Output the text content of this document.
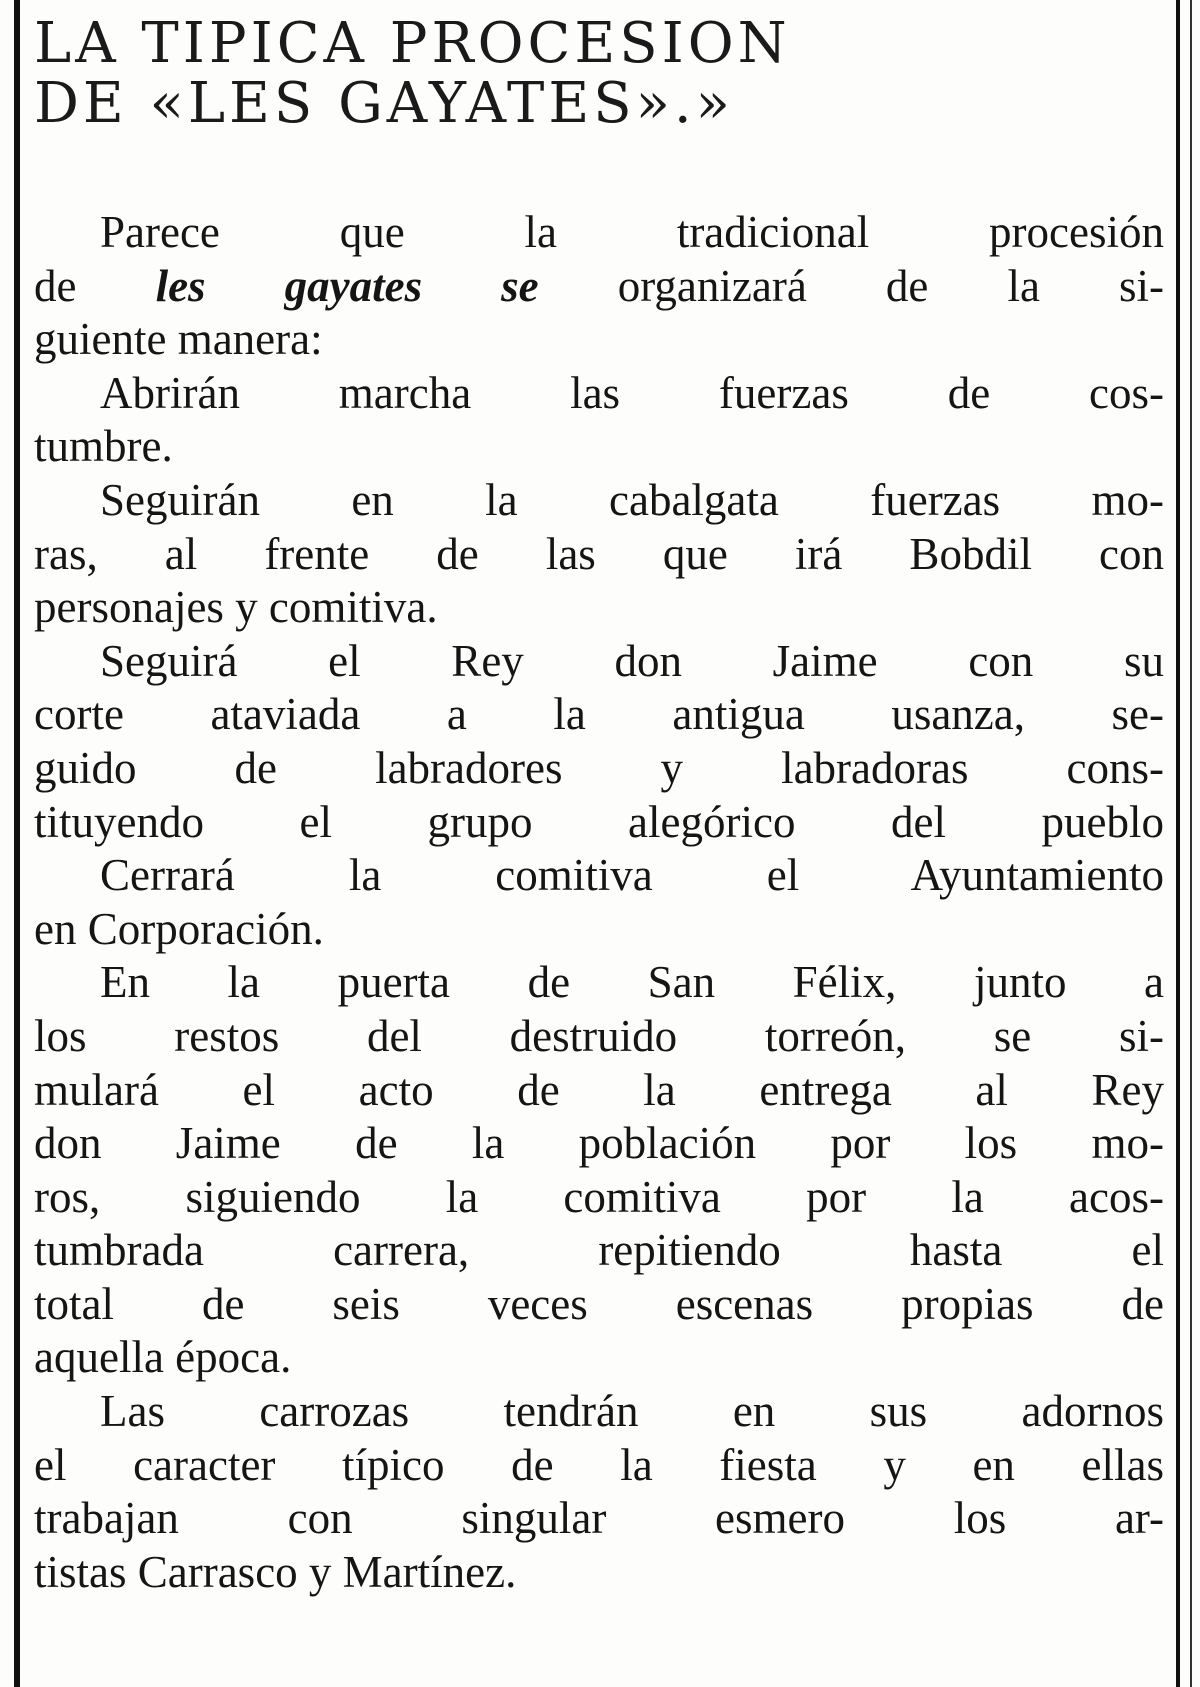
LA TIPICA PROCESION
DE «LES GAYATES».»
Parece que la tradicional procesión
de les gayates se organizará de la si-
guiente manera:
Abrirán marcha las fuerzas de cos-
tumbre.
Seguirán en la cabalgata fuerzas mo-
ras, al frente de las que irá Bobdil con
personajes y comitiva.
Seguirá el Rey don Jaime con su
corte ataviada a la antigua usanza, se-
guido de labradores y labradoras cons-
tituyendo el grupo alegórico del pueblo
Cerrará la comitiva el Ayuntamiento
en Corporación.
En la puerta de San Félix, junto a
los restos del destruido torreón, se si-
mulará el acto de la entrega al Rey
don Jaime de la población por los mo-
ros, siguiendo la comitiva por la acos-
tumbrada carrera, repitiendo hasta el
total de seis veces escenas propias de
aquella época.
Las carrozas tendrán en sus adornos
el caracter típico de la fiesta y en ellas
trabajan con singular esmero los ar-
tistas Carrasco y Martínez.
